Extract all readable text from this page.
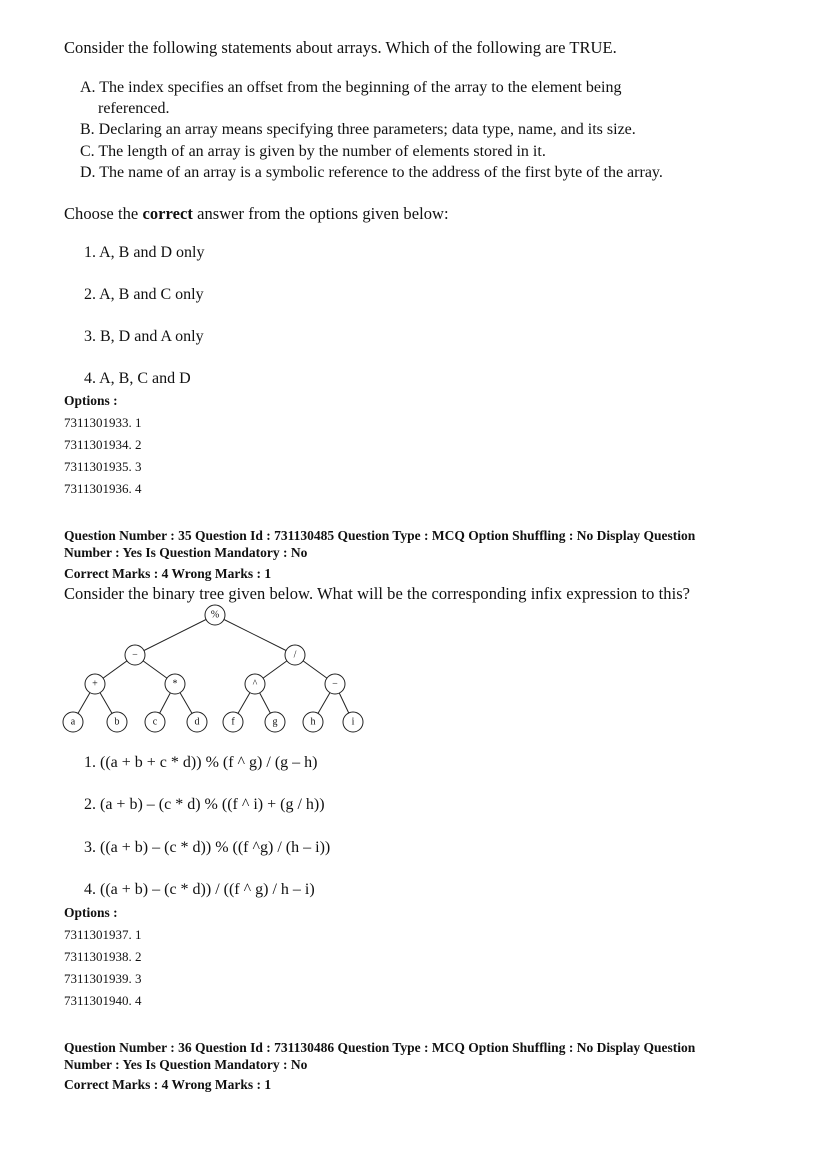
Consider the following statements about arrays. Which of the following are TRUE.
A. The index specifies an offset from the beginning of the array to the element being
referenced.
B. Declaring an array means specifying three parameters; data type, name, and its size.
C. The length of an array is given by the number of elements stored in it.
D. The name of an array is a symbolic reference to the address of the first byte of the array.
Choose the correct answer from the options given below:
1. A, B and D only
2. A, B and C only
3. B, D and A only
4. A, B, C and D
Options :
7311301933. 1
7311301934. 2
7311301935. 3
7311301936. 4
Question Number : 35 Question Id : 731130485 Question Type : MCQ Option Shuffling : No Display Question
Number : Yes Is Question Mandatory : No
Correct Marks : 4 Wrong Marks : 1
Consider the binary tree given below. What will be the corresponding infix expression to this?
%
−	/
+	*	^	−
a	b	c	d	f	g	h	i
1. ((a + b + c * d)) % (f ^ g) / (g – h)
2. (a + b) – (c * d) % ((f ^ i) + (g / h))
3. ((a + b) – (c * d)) % ((f ^g) / (h – i))
4. ((a + b) – (c * d)) / ((f ^ g) / h – i)
Options :
7311301937. 1
7311301938. 2
7311301939. 3
7311301940. 4
Question Number : 36 Question Id : 731130486 Question Type : MCQ Option Shuffling : No Display Question
Number : Yes Is Question Mandatory : No
Correct Marks : 4 Wrong Marks : 1
